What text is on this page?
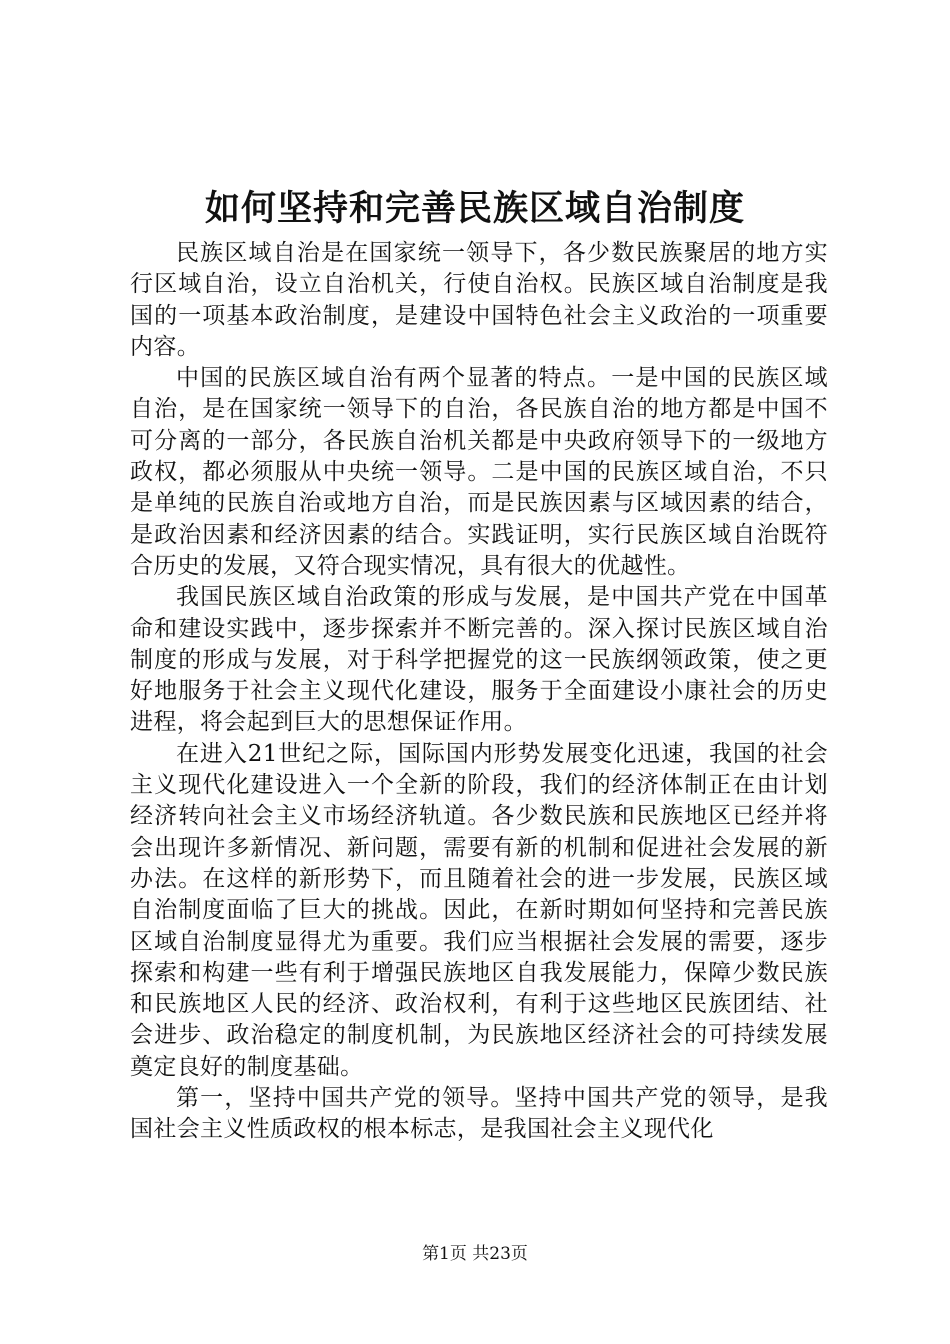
如何坚持和完善民族区域自治制度

民族区域自治是在国家统一领导下，各少数民族聚居的地方实行区域自治，设立自治机关，行使自治权。民族区域自治制度是我国的一项基本政治制度，是建设中国特色社会主义政治的一项重要内容。

中国的民族区域自治有两个显著的特点。一是中国的民族区域自治，是在国家统一领导下的自治，各民族自治的地方都是中国不可分离的一部分，各民族自治机关都是中央政府领导下的一级地方政权，都必须服从中央统一领导。二是中国的民族区域自治，不只是单纯的民族自治或地方自治，而是民族因素与区域因素的结合，是政治因素和经济因素的结合。实践证明，实行民族区域自治既符合历史的发展，又符合现实情况，具有很大的优越性。

我国民族区域自治政策的形成与发展，是中国共产党在中国革命和建设实践中，逐步探索并不断完善的。深入探讨民族区域自治制度的形成与发展，对于科学把握党的这一民族纲领政策，使之更好地服务于社会主义现代化建设，服务于全面建设小康社会的历史进程，将会起到巨大的思想保证作用。

在进入21世纪之际，国际国内形势发展变化迅速，我国的社会主义现代化建设进入一个全新的阶段，我们的经济体制正在由计划经济转向社会主义市场经济轨道。各少数民族和民族地区已经并将会出现许多新情况、新问题，需要有新的机制和促进社会发展的新办法。在这样的新形势下，而且随着社会的进一步发展，民族区域自治制度面临了巨大的挑战。因此，在新时期如何坚持和完善民族区域自治制度显得尤为重要。我们应当根据社会发展的需要，逐步探索和构建一些有利于增强民族地区自我发展能力，保障少数民族和民族地区人民的经济、政治权利，有利于这些地区民族团结、社会进步、政治稳定的制度机制，为民族地区经济社会的可持续发展奠定良好的制度基础。

第一，坚持中国共产党的领导。坚持中国共产党的领导，是我国社会主义性质政权的根本标志，是我国社会主义现代化

第1页 共23页
